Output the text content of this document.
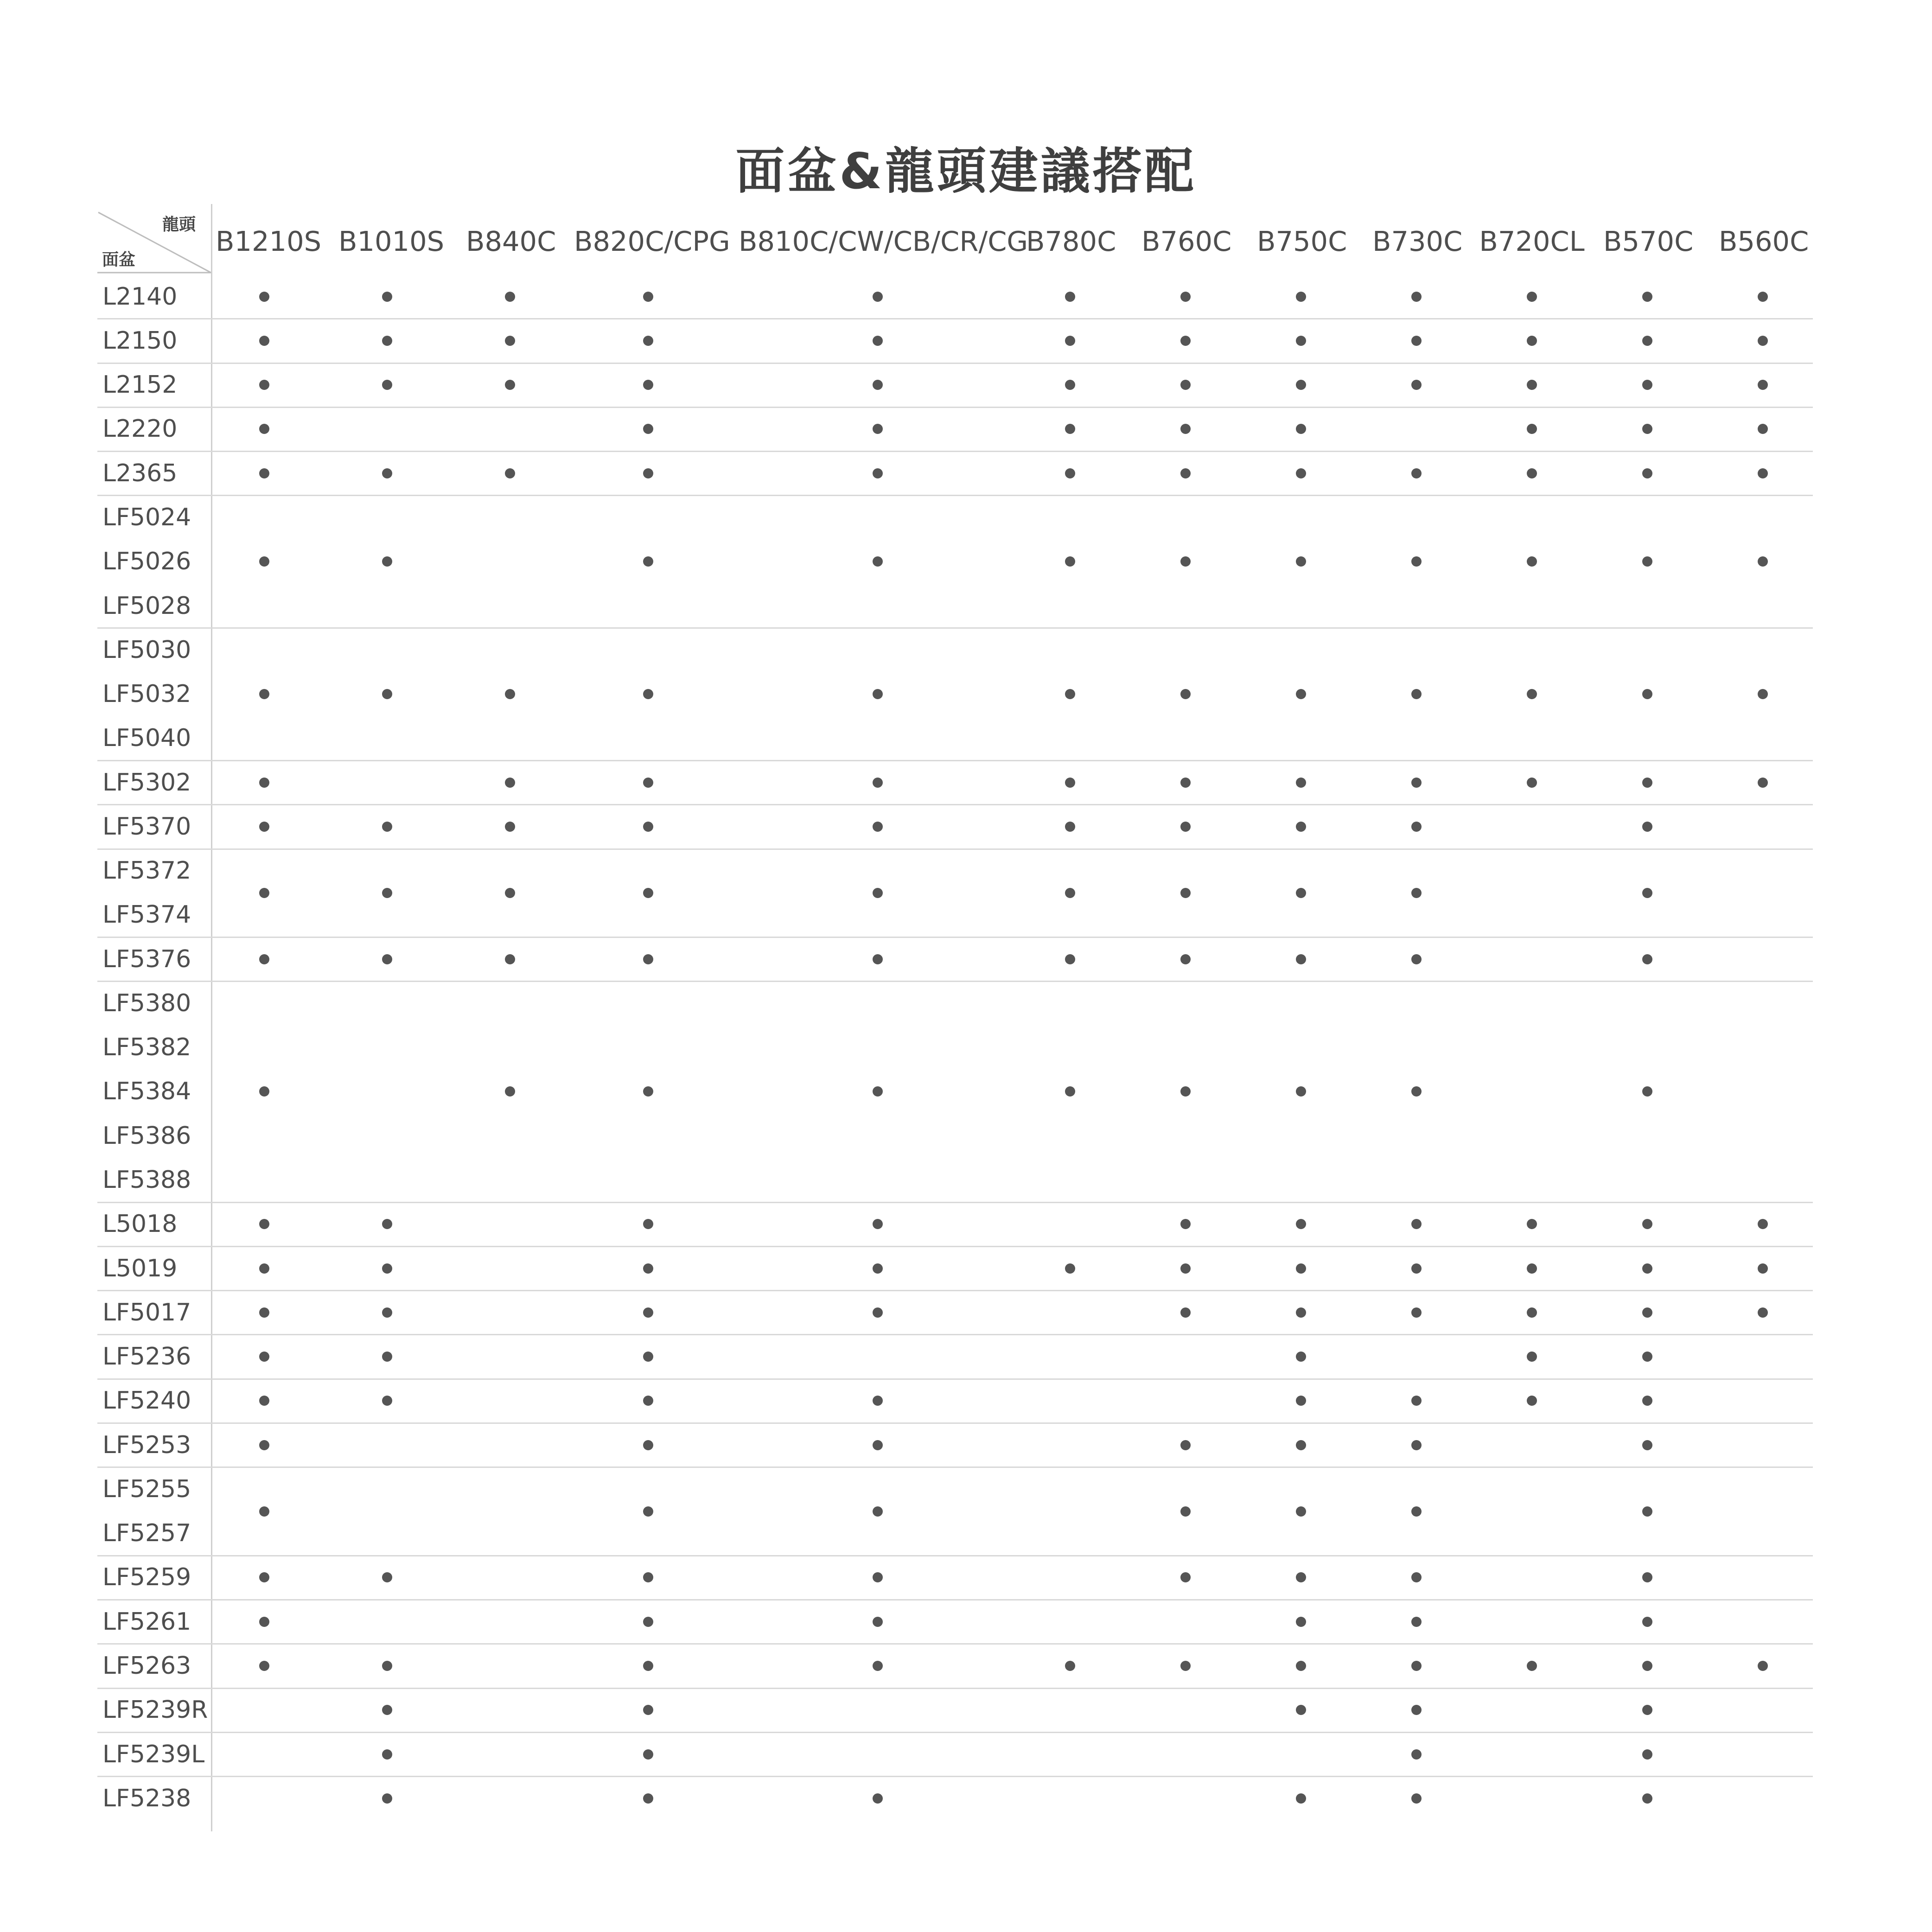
面盆&龍頭建議搭配
龍頭
面盆
B1210S B1010S B840C B820C/CPG B810C/CW/CB/CR/CG
B780C B760C B750C B730C B720CL B570C B560C
L2140
L2150
L2152
L2220
L2365
LF5024
LF5026
LF5028
LF5030
LF5032
LF5040
LF5302
LF5370
LF5372
LF5374
LF5376
LF5380
LF5382
LF5384
LF5386
LF5388
L5018
L5019
LF5017
LF5236
LF5240
LF5253
LF5255
LF5257
LF5259
LF5261
LF5263
LF5239R
LF5239L
LF5238
